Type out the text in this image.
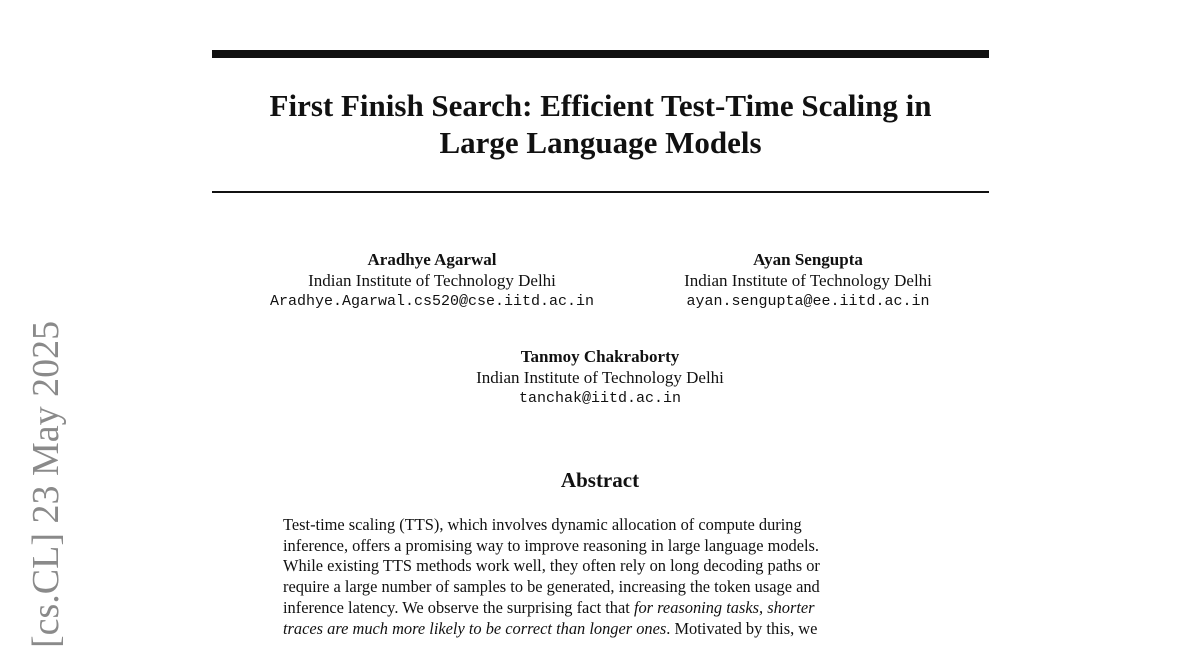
First Finish Search: Efficient Test-Time Scaling in
Large Language Models
Aradhye Agarwal
Indian Institute of Technology Delhi
Aradhye.Agarwal.cs520@cse.iitd.ac.in
Ayan Sengupta
Indian Institute of Technology Delhi
ayan.sengupta@ee.iitd.ac.in
Tanmoy Chakraborty
Indian Institute of Technology Delhi
tanchak@iitd.ac.in
Abstract

Test-time scaling (TTS), which involves dynamic allocation of compute during
inference, offers a promising way to improve reasoning in large language models.
While existing TTS methods work well, they often rely on long decoding paths or
require a large number of samples to be generated, increasing the token usage and
inference latency. We observe the surprising fact that for reasoning tasks, shorter
traces are much more likely to be correct than longer ones. Motivated by this, we

[cs.CL] 23 May 2025
